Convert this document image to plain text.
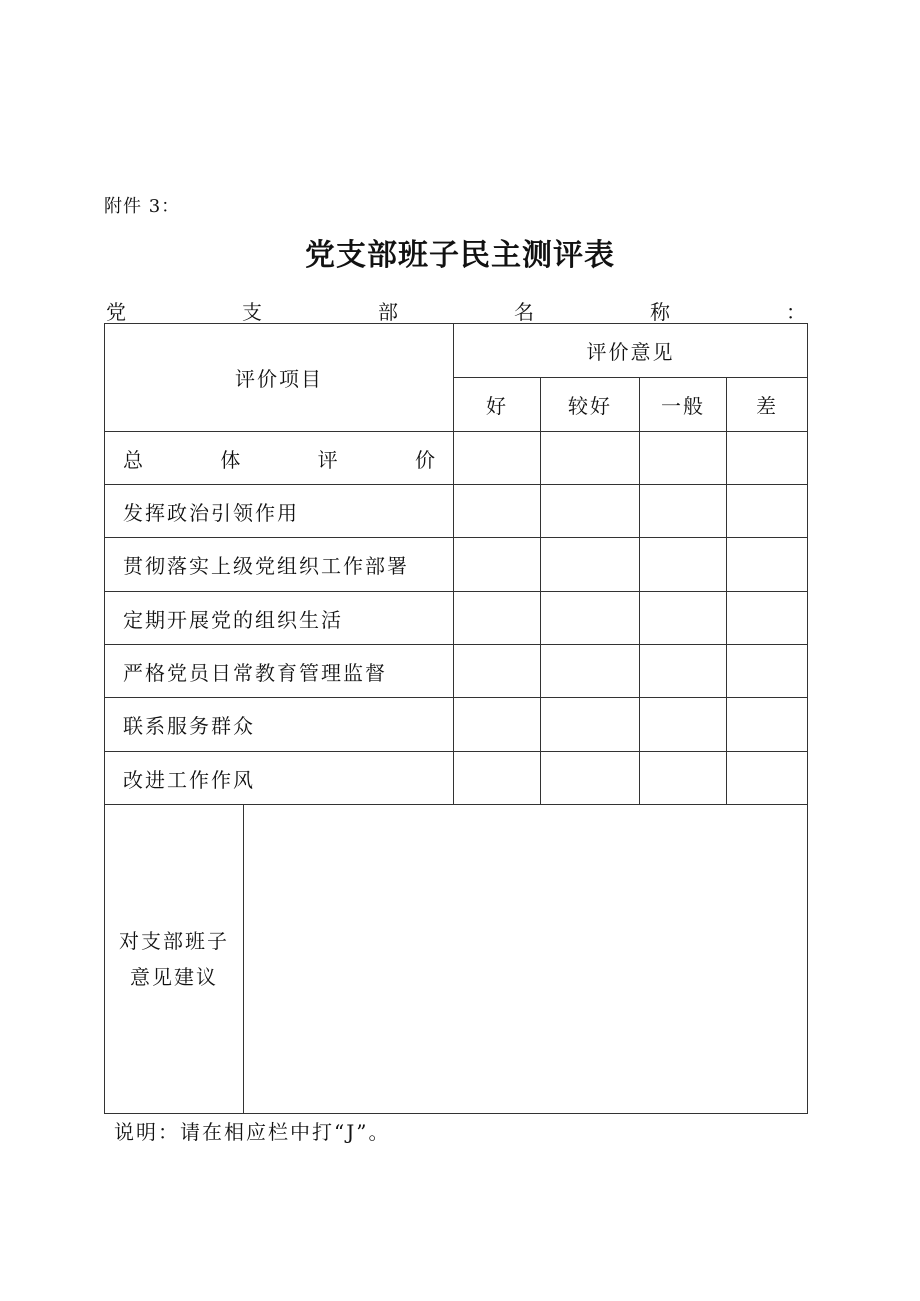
附件 3：
党支部班子民主测评表
党	支	部	名	称	：
评价项目		评价意见			
		好	较好	一般	差

总 体 评 价					

发挥政治引领作用					
贯彻落实上级党组织工作部署					
定期开展党的组织生活					
严格党员日常教育管理监督					
联系服务群众					
改进工作作风					

对支部班子
意见建议					

说明：请在相应栏中打“J”。
